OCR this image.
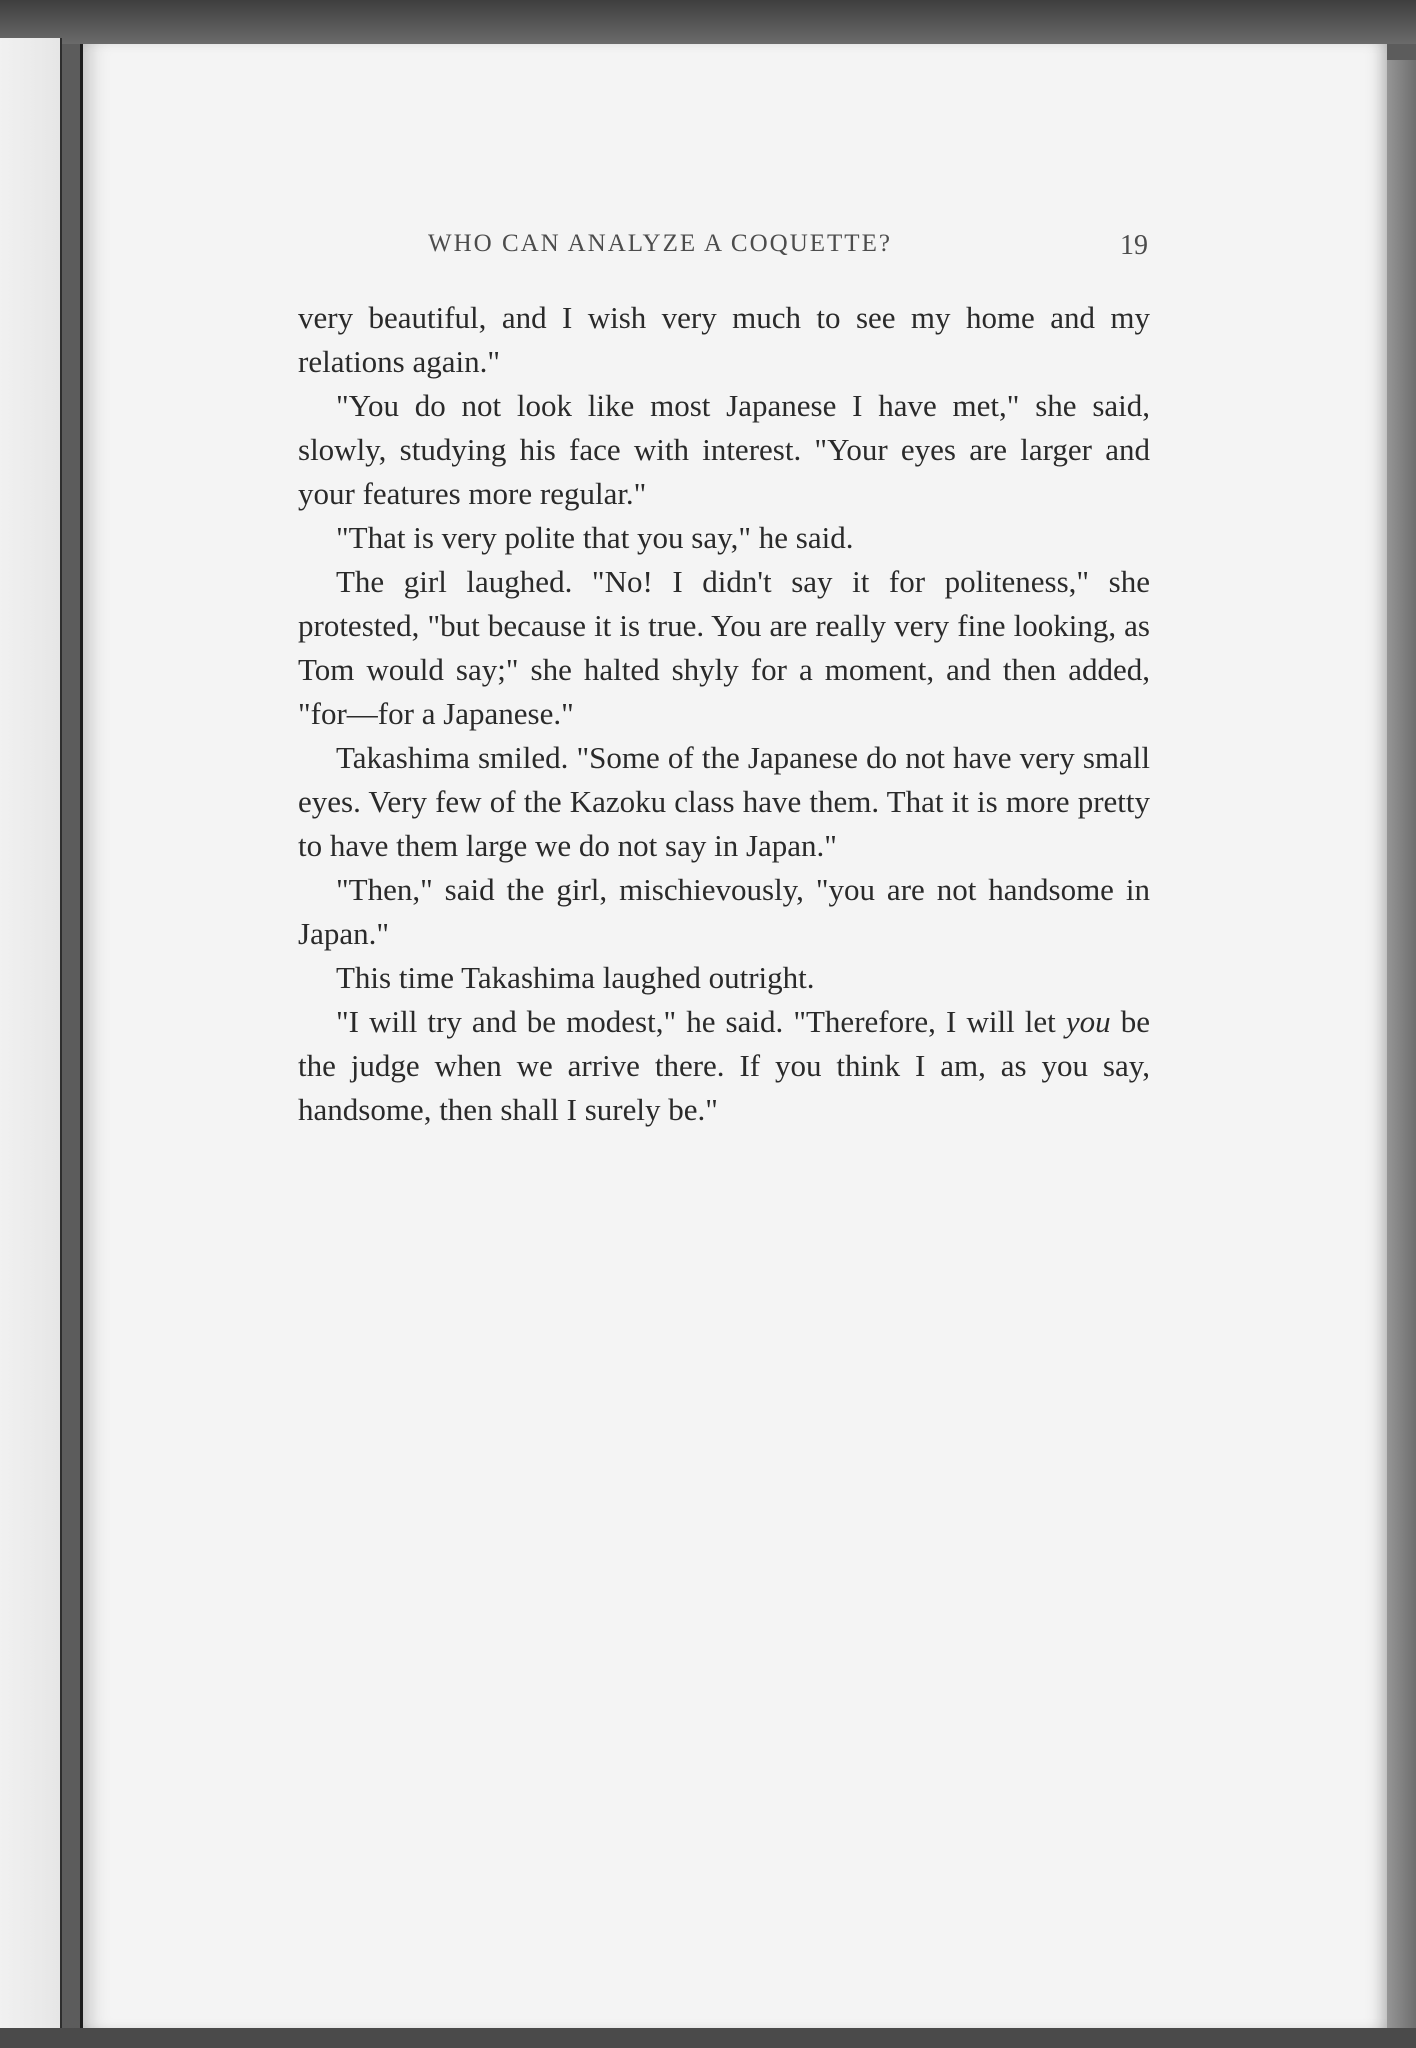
WHO CAN ANALYZE A COQUETTE?	19

very beautiful, and I wish very much to see my home and my relations again."

"You do not look like most Japanese I have met," she said, slowly, studying his face with interest. "Your eyes are larger and your features more regular."

"That is very polite that you say," he said.

The girl laughed. "No! I didn't say it for politeness," she protested, "but because it is true. You are really very fine looking, as Tom would say;" she halted shyly for a moment, and then added, "for—for a Japanese."

Takashima smiled. "Some of the Japanese do not have very small eyes. Very few of the Kazoku class have them. That it is more pretty to have them large we do not say in Japan."

"Then," said the girl, mischievously, "you are not handsome in Japan."

This time Takashima laughed outright.

"I will try and be modest," he said. "Therefore, I will let you be the judge when we arrive there. If you think I am, as you say, handsome, then shall I surely be."
